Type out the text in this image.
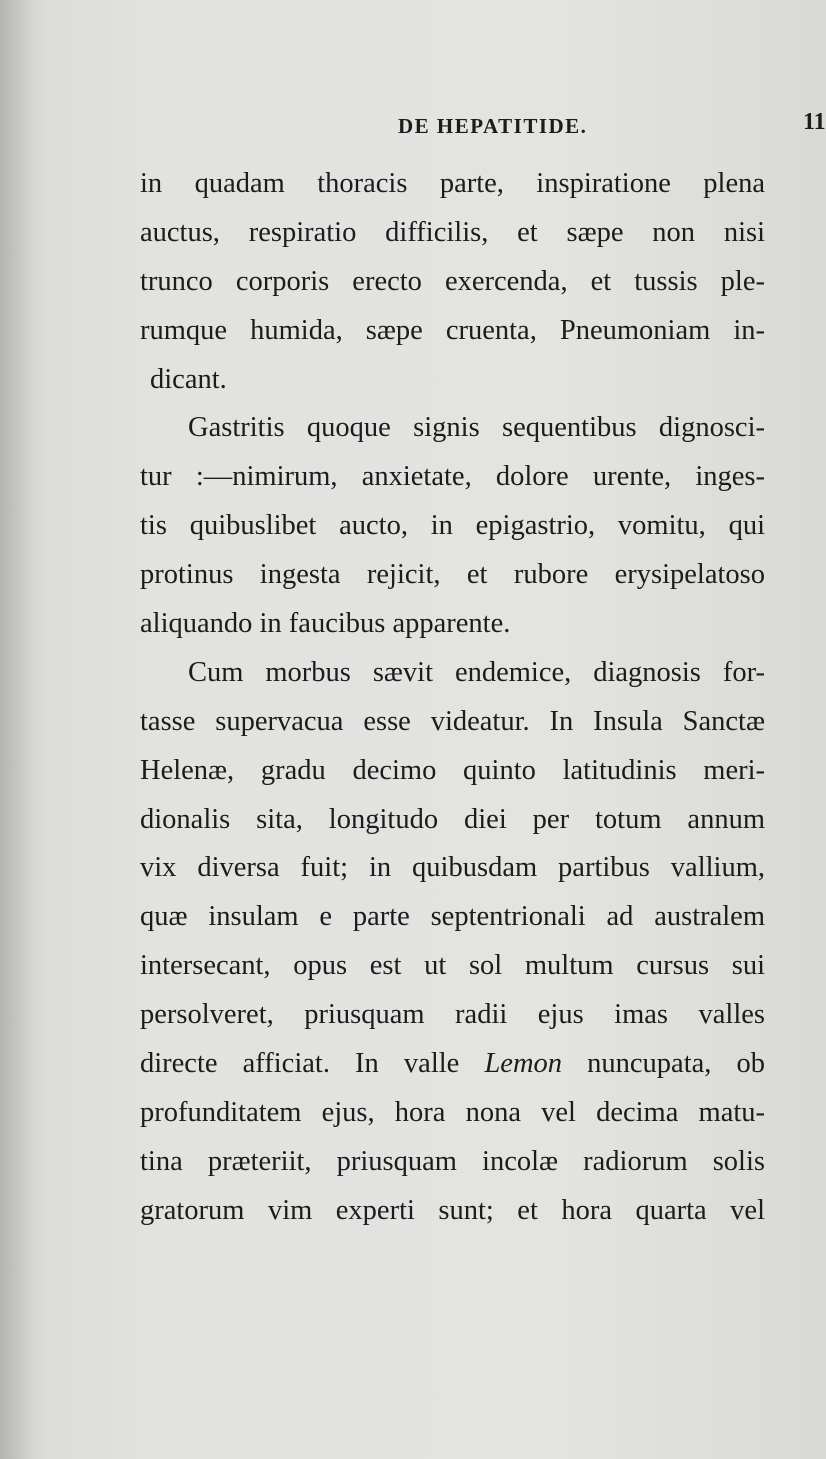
DE HEPATITIDE.	11
in quadam thoracis parte, inspiratione plena
auctus, respiratio difficilis, et sæpe non nisi
trunco corporis erecto exercenda, et tussis ple-
rumque humida, sæpe cruenta, Pneumoniam in-
dicant.
Gastritis quoque signis sequentibus dignosci-
tur :—nimirum, anxietate, dolore urente, inges-
tis quibuslibet aucto, in epigastrio, vomitu, qui
protinus ingesta rejicit, et rubore erysipelatoso
aliquando in faucibus apparente.
Cum morbus sævit endemice, diagnosis for-
tasse supervacua esse videatur. In Insula Sanctæ
Helenæ, gradu decimo quinto latitudinis meri-
dionalis sita, longitudo diei per totum annum
vix diversa fuit; in quibusdam partibus vallium,
quæ insulam e parte septentrionali ad australem
intersecant, opus est ut sol multum cursus sui
persolveret, priusquam radii ejus imas valles
directe afficiat. In valle Lemon nuncupata, ob
profunditatem ejus, hora nona vel decima matu-
tina præteriit, priusquam incolæ radiorum solis
gratorum vim experti sunt; et hora quarta vel
